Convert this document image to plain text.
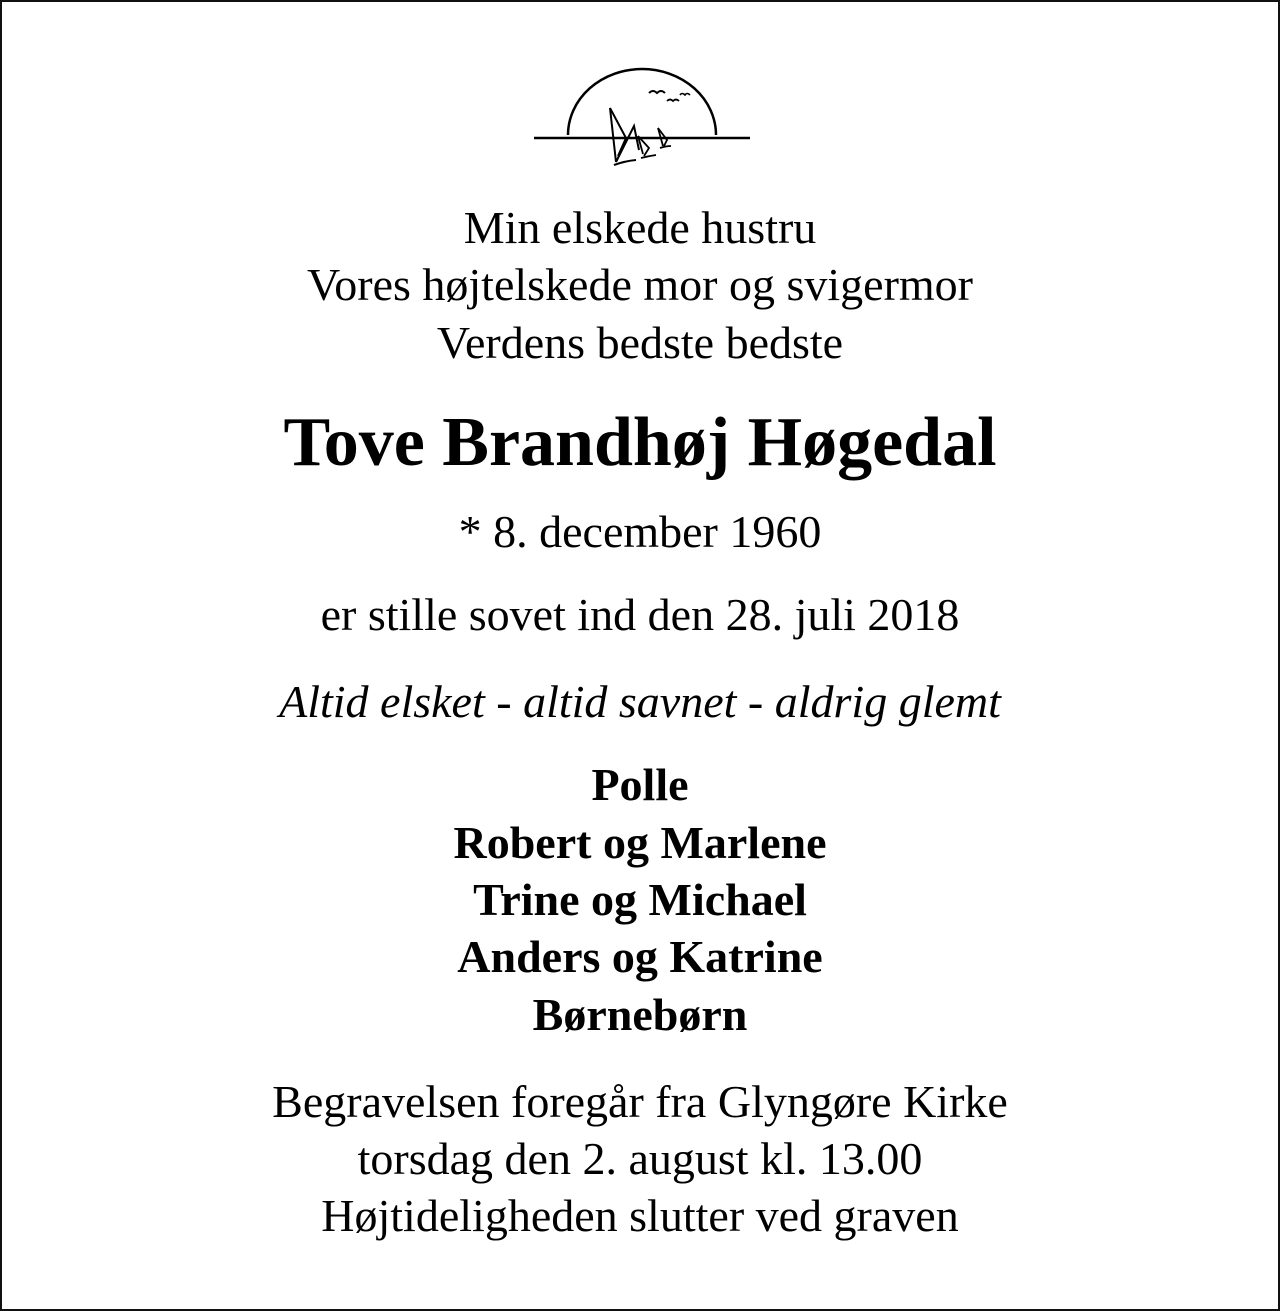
Min elskede hustru
Vores højtelskede mor og svigermor
Verdens bedste bedste
Tove Brandhøj Høgedal
* 8. december 1960
er stille sovet ind den 28. juli 2018
Altid elsket - altid savnet - aldrig glemt
Polle
Robert og Marlene
Trine og Michael
Anders og Katrine
Børnebørn
Begravelsen foregår fra Glyngøre Kirke
torsdag den 2. august kl. 13.00
Højtideligheden slutter ved graven
